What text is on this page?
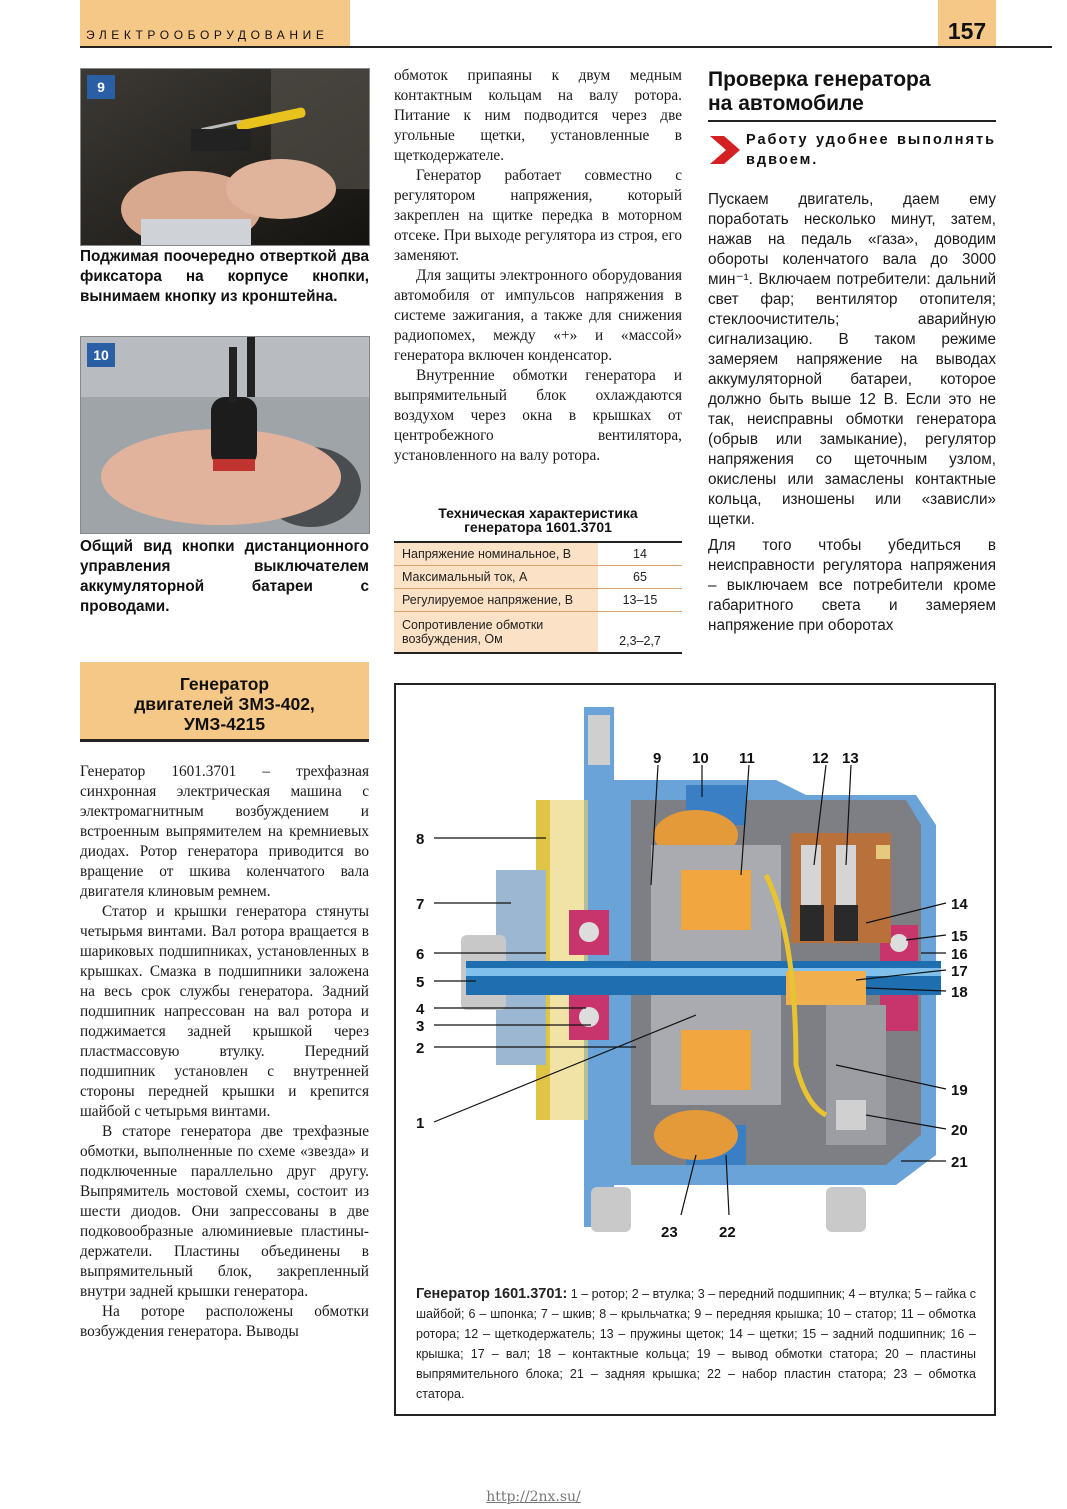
ЭЛЕКТРООБОРУДОВАНИЕ	157
9
Поджимая поочередно отверткой два фиксатора на корпусе кнопки, вынимаем кнопку из кронштейна.
10
Общий вид кнопки дистанционного управления выключателем аккумуляторной батареи с проводами.
Генератор
двигателей ЗМЗ-402,
УМЗ-4215

Генератор 1601.3701 – трехфазная синхронная электрическая машина с электромагнитным возбуждением и встроенным выпрямителем на кремниевых диодах. Ротор генератора приводится во вращение от шкива коленчатого вала двигателя клиновым ремнем.

Статор и крышки генератора стянуты четырьмя винтами. Вал ротора вращается в шариковых подшипниках, установленных в крышках. Смазка в подшипники заложена на весь срок службы генератора. Задний подшипник напрессован на вал ротора и поджимается задней крышкой через пластмассовую втулку. Передний подшипник установлен с внутренней стороны передней крышки и крепится шайбой с четырьмя винтами.

В статоре генератора две трехфазные обмотки, выполненные по схеме «звезда» и подключенные параллельно друг другу. Выпрямитель мостовой схемы, состоит из шести диодов. Они запрессованы в две подковообразные алюминиевые пластины-держатели. Пластины объединены в выпрямительный блок, закрепленный внутри задней крышки генератора.

На роторе расположены обмотки возбуждения генератора. Выводы

обмоток припаяны к двум медным контактным кольцам на валу ротора. Питание к ним подводится через две угольные щетки, установленные в щеткодержателе.

Генератор работает совместно с регулятором напряжения, который закреплен на щитке передка в моторном отсеке. При выходе регулятора из строя, его заменяют.

Для защиты электронного оборудования автомобиля от импульсов напряжения в системе зажигания, а также для снижения радиопомех, между «+» и «массой» генератора включен конденсатор.

Внутренние обмотки генератора и выпрямительный блок охлаждаются воздухом через окна в крышках от центробежного вентилятора, установленного на валу ротора.

Техническая характеристика
генератора 1601.3701
Напряжение номинальное, В	14
Максимальный ток, А	65
Регулируемое напряжение, В	13–15
Сопротивление обмотки возбуждения, Ом	2,3–2,7
Проверка генератора
на автомобиле
Работу удобнее выполнять вдвоем.

Пускаем двигатель, даем ему поработать несколько минут, затем, нажав на педаль «газа», доводим обороты коленчатого вала до 3000 мин⁻¹. Включаем потребители: дальний свет фар; вентилятор отопителя; стеклоочиститель; аварийную сигнализацию. В таком режиме замеряем напряжение на выводах аккумуляторной батареи, которое должно быть выше 12 В. Если это не так, неисправны обмотки генератора (обрыв или замыкание), регулятор напряжения со щеточным узлом, окислены или замаслены контактные кольца, изношены или «зависли» щетки.

Для того чтобы убедиться в неисправности регулятора напряжения – выключаем все потребители кроме габаритного света и замеряем напряжение при оборотах

1
2
3
4
5
6
7
8
9 10 11	12 13
14
15
16
17
18
19
20
21
22
23
Генератор 1601.3701: 1 – ротор; 2 – втулка; 3 – передний подшипник; 4 – втулка; 5 – гайка с шайбой; 6 – шпонка; 7 – шкив; 8 – крыльчатка; 9 – передняя крышка; 10 – статор; 11 – обмотка ротора; 12 – щеткодержатель; 13 – пружины щеток; 14 – щетки; 15 – задний подшипник; 16 – крышка; 17 – вал; 18 – контактные кольца; 19 – вывод обмотки статора; 20 – пластины выпрямительного блока; 21 – задняя крышка; 22 – набор пластин статора; 23 – обмотка статора.
http://2nx.su/
